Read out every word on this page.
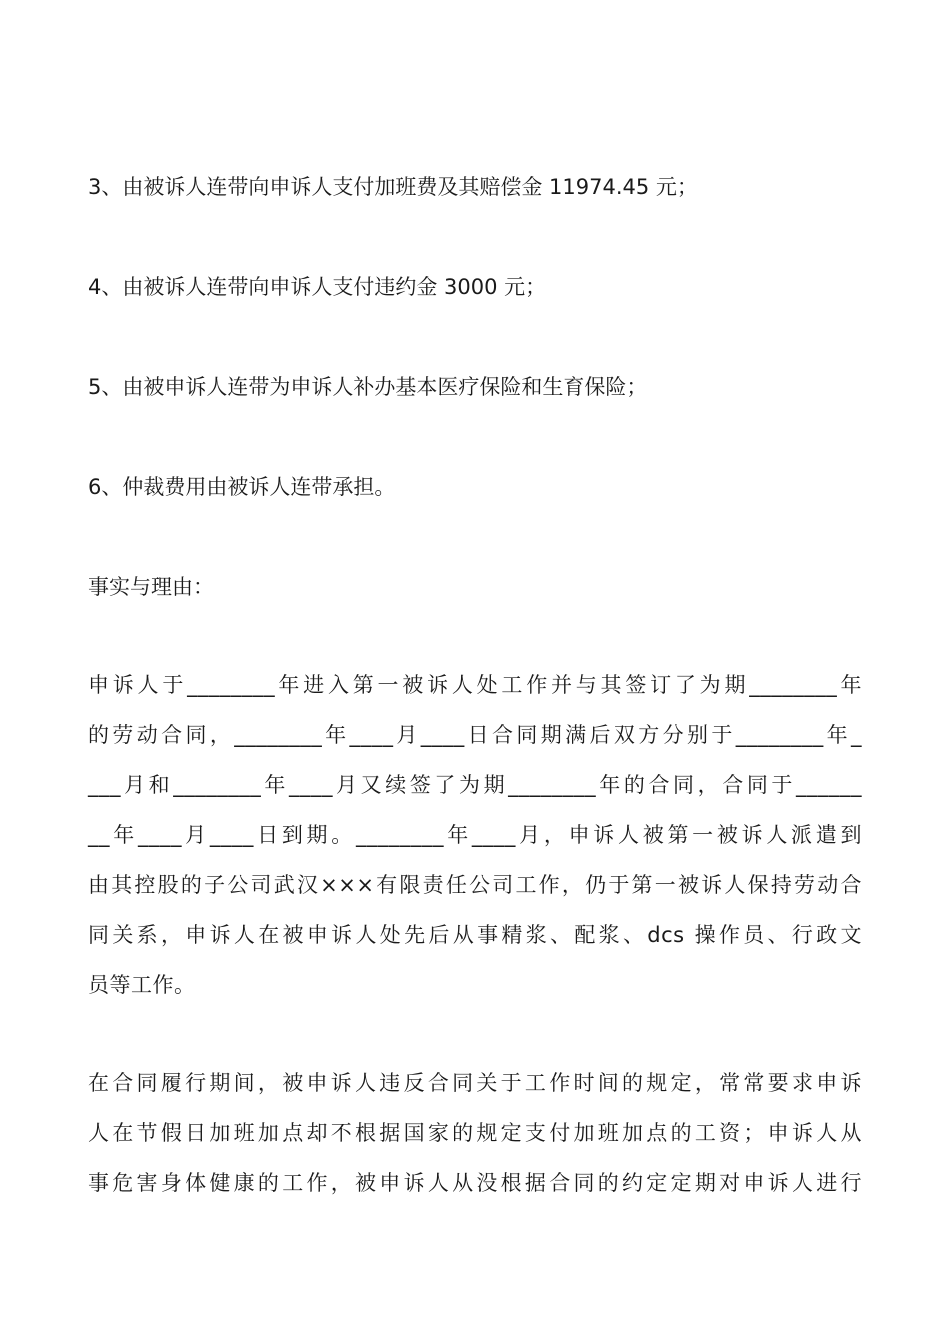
3、由被诉人连带向申诉人支付加班费及其赔偿金 11974.45 元；
4、由被诉人连带向申诉人支付违约金 3000 元；
5、由被申诉人连带为申诉人补办基本医疗保险和生育保险；
6、仲裁费用由被诉人连带承担。
事实与理由：
申诉人于________年进入第一被诉人处工作并与其签订了为期________年
的劳动合同，________年____月____日合同期满后双方分别于________年_
___月和________年____月又续签了为期________年的合同，合同于______
__年____月____日到期。________年____月，申诉人被第一被诉人派遣到
由其控股的子公司武汉×××有限责任公司工作，仍于第一被诉人保持劳动合
同关系，申诉人在被申诉人处先后从事精浆、配浆、dcs 操作员、行政文
员等工作。
在合同履行期间，被申诉人违反合同关于工作时间的规定，常常要求申诉
人在节假日加班加点却不根据国家的规定支付加班加点的工资；申诉人从
事危害身体健康的工作，被申诉人从没根据合同的约定定期对申诉人进行
